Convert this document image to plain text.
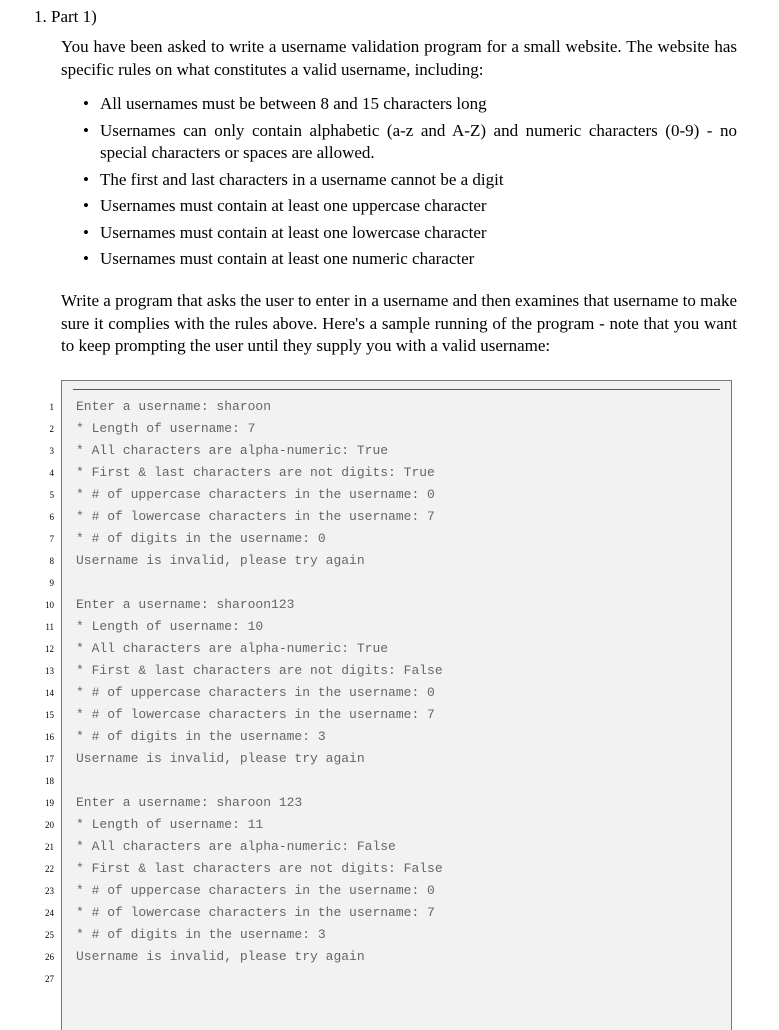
1. Part 1)
You have been asked to write a username validation program for a small website. The website has specific rules on what constitutes a valid username, including:
• All usernames must be between 8 and 15 characters long
• Usernames can only contain alphabetic (a-z and A-Z) and numeric characters (0-9) - no special characters or spaces are allowed.
• The first and last characters in a username cannot be a digit
• Usernames must contain at least one uppercase character
• Usernames must contain at least one lowercase character
• Usernames must contain at least one numeric character
Write a program that asks the user to enter in a username and then examines that username to make sure it complies with the rules above. Here's a sample running of the program - note that you want to keep prompting the user until they supply you with a valid username:
1
2
3
4
5
6
7
8
9
10
11
12
13
14
15
16
17
18
19
20
21
22
23
24
25
26
27
Enter a username: sharoon
* Length of username: 7
* All characters are alpha-numeric: True
* First & last characters are not digits: True
* # of uppercase characters in the username: 0
* # of lowercase characters in the username: 7
* # of digits in the username: 0
Username is invalid, please try again
Enter a username: sharoon123
* Length of username: 10
* All characters are alpha-numeric: True
* First & last characters are not digits: False
* # of uppercase characters in the username: 0
* # of lowercase characters in the username: 7
* # of digits in the username: 3
Username is invalid, please try again
Enter a username: sharoon 123
* Length of username: 11
* All characters are alpha-numeric: False
* First & last characters are not digits: False
* # of uppercase characters in the username: 0
* # of lowercase characters in the username: 7
* # of digits in the username: 3
Username is invalid, please try again
